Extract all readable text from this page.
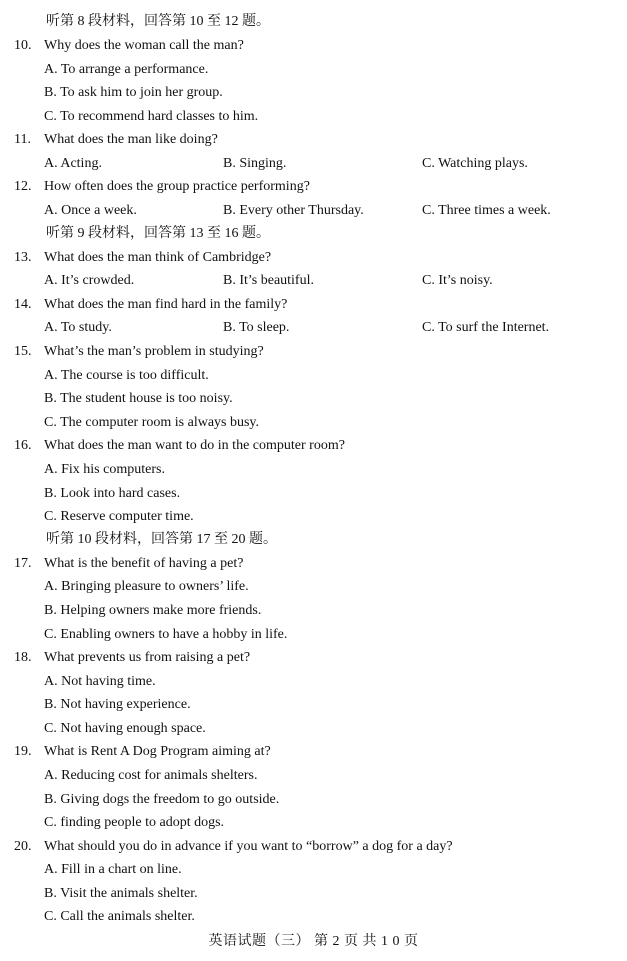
听第 8 段材料，回答第 10 至 12 题。
10. Why does the woman call the man?
A. To arrange a performance.
B. To ask him to join her group.
C. To recommend hard classes to him.
11. What does the man like doing?
A. Acting.	B. Singing.	C. Watching plays.
12. How often does the group practice performing?
A. Once a week.	B. Every other Thursday.	C. Three times a week.
听第 9 段材料，回答第 13 至 16 题。
13. What does the man think of Cambridge?
A. It’s crowded.	B. It’s beautiful.	C. It’s noisy.
14. What does the man find hard in the family?
A. To study.	B. To sleep.	C. To surf the Internet.
15. What’s the man’s problem in studying?
A. The course is too difficult.
B. The student house is too noisy.
C. The computer room is always busy.
16. What does the man want to do in the computer room?
A. Fix his computers.
B. Look into hard cases.
C. Reserve computer time.
听第 10 段材料，回答第 17 至 20 题。
17. What is the benefit of having a pet?
A. Bringing pleasure to owners’ life.
B. Helping owners make more friends.
C. Enabling owners to have a hobby in life.
18. What prevents us from raising a pet?
A. Not having time.
B. Not having experience.
C. Not having enough space.
19. What is Rent A Dog Program aiming at?
A. Reducing cost for animals shelters.
B. Giving dogs the freedom to go outside.
C. finding people to adopt dogs.
20. What should you do in advance if you want to “borrow” a dog for a day?
A. Fill in a chart on line.
B. Visit the animals shelter.
C. Call the animals shelter.
英语试题（三） 第 2 页 共 1 0 页
